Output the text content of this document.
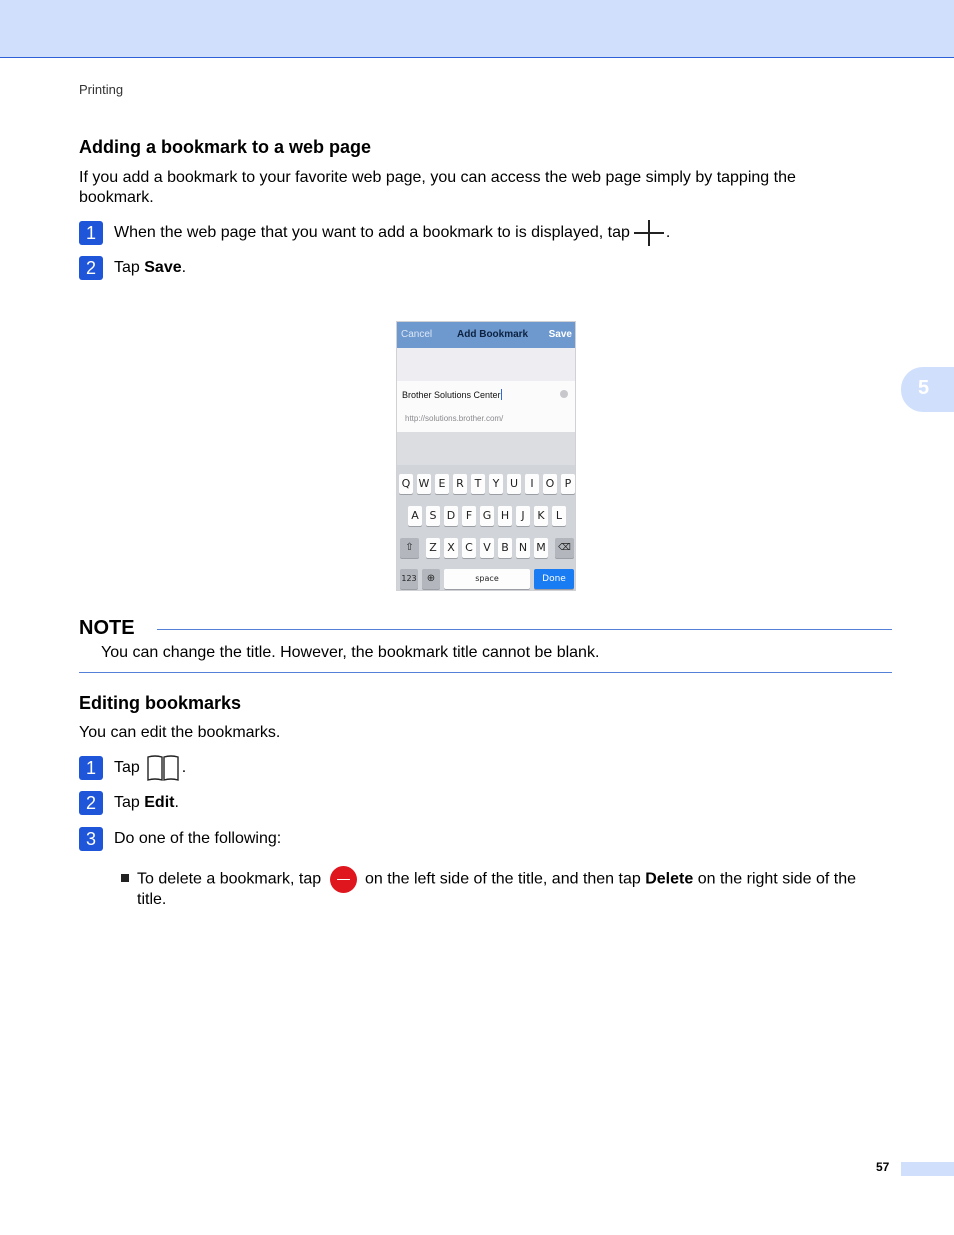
Printing
Adding a bookmark to a web page
If you add a bookmark to your favorite web page, you can access the web page simply by tapping the
bookmark.
1	When the web page that you want to add a bookmark to is displayed, tap .
2	Tap Save .
Cancel Add Bookmark Save
Brother Solutions Center
http://solutions.brother.com/
Q W E R T	Y U	I	O P
A S D F G H	J	K	L
⇧	⌫
Z X C V B N M
123	⊕	space	Done
NOTE
You can change the title. However, the bookmark title cannot be blank.
Editing bookmarks
You can edit the bookmarks.
1	Tap	.
2	Tap Edit .
3	Do one of the following:
To delete a bookmark, tap	on the left side of the title, and then tap Delete on the right side of the
title.
5
57
